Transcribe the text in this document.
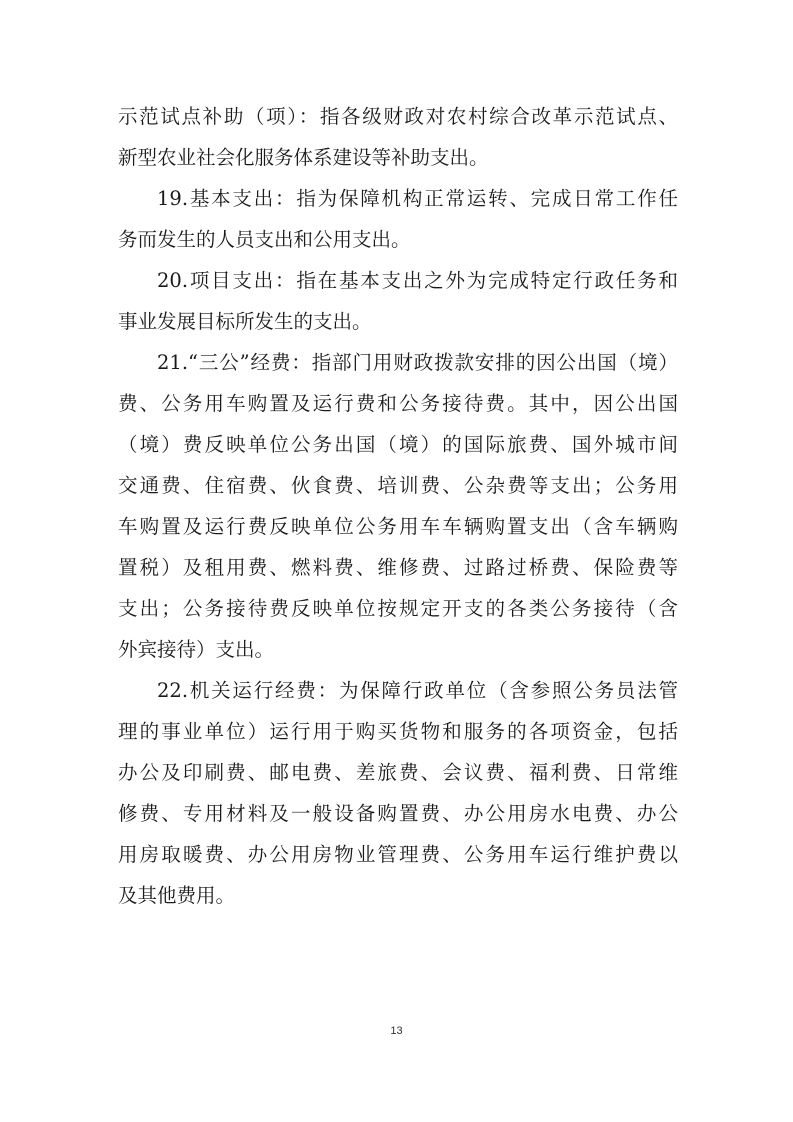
示范试点补助（项）：指各级财政对农村综合改革示范试点、
新型农业社会化服务体系建设等补助支出。
19.基本支出：指为保障机构正常运转、完成日常工作任
务而发生的人员支出和公用支出。
20.项目支出：指在基本支出之外为完成特定行政任务和
事业发展目标所发生的支出。
21.“三公”经费：指部门用财政拨款安排的因公出国（境）
费、公务用车购置及运行费和公务接待费。其中，因公出国
（境）费反映单位公务出国（境）的国际旅费、国外城市间
交通费、住宿费、伙食费、培训费、公杂费等支出；公务用
车购置及运行费反映单位公务用车车辆购置支出（含车辆购
置税）及租用费、燃料费、维修费、过路过桥费、保险费等
支出；公务接待费反映单位按规定开支的各类公务接待（含
外宾接待）支出。
22.机关运行经费：为保障行政单位（含参照公务员法管
理的事业单位）运行用于购买货物和服务的各项资金，包括
办公及印刷费、邮电费、差旅费、会议费、福利费、日常维
修费、专用材料及一般设备购置费、办公用房水电费、办公
用房取暖费、办公用房物业管理费、公务用车运行维护费以
及其他费用。
13
